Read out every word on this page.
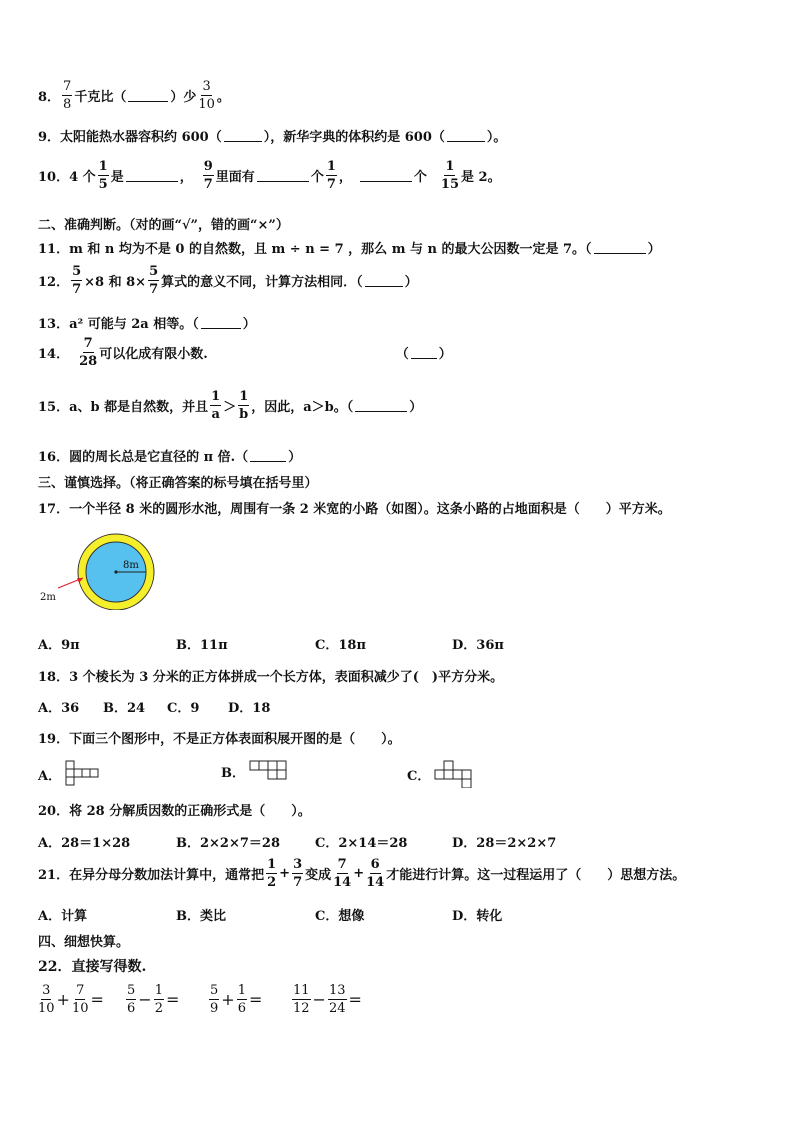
8． $\frac{7}{8}$ 千克比（	）少 $\frac{3}{10}$ 。
9． 太阳能热水器容积约 600（	），新华字典的体积约是 600（	）。
10． 4 个 $\frac{1}{5}$ 是	， $\frac{9}{7}$ 里面有	个 $\frac{1}{7}$ ，	个 $\frac{1}{15}$ 是 2。
二、准确判断。（对的画“√”，错的画“×”）
11． m 和 n 均为不是 0 的自然数，且 m ÷ n = 7 ，那么 m 与 n 的最大公因数一定是 7。（	）
12． $\frac{5}{7} \times 8$ 和 $8\times \frac{5}{7}$ 算式的意义不同，计算方法相同．（	）
13． a² 可能与 2a 相等。（	）
14． $\frac{7}{28}$ 可以化成有限小数.	（ ）
15． a、b 都是自然数，并且 $\frac{1}{a} > \frac{1}{b}$ ，因此，a＞b。（	）
16． 圆的周长总是它直径的 π 倍.（	）
三、谨慎选择。（将正确答案的标号填在括号里）
17． 一个半径 8 米的圆形水池，周围有一条 2 米宽的小路（如图）。这条小路的占地面积是（　　）平方米。
8m
2m
A．9π	B．11π	C．18π	D．36π
18． 3 个棱长为 3 分米的正方体拼成一个长方体，表面积减少了(　)平方分米。
A．36 B．24 C．9 D．18
19． 下面三个图形中，不是正方体表面积展开图的是（　　）。
A．	B．	C．
20． 将 28 分解质因数的正确形式是（　　）。
A．28＝1×28	B．2×2×7＝28	C．2×14＝28	D．28＝2×2×7
21． 在异分母分数加法计算中，通常把 $\frac{1}{2} + \frac{3}{7}$ 变成 $\frac{7}{14} + \frac{6}{14}$ 才能进行计算。这一过程运用了（　　）思想方法。
A．计算	B．类比	C．想像	D．转化
四、细想快算。
22． 直接写得数.
$\frac{3}{10} + \frac{7}{10} = \frac{5}{6} - \frac{1}{2} = \frac{5}{9} + \frac{1}{6} = \frac{11}{12} - \frac{13}{24}$ =
